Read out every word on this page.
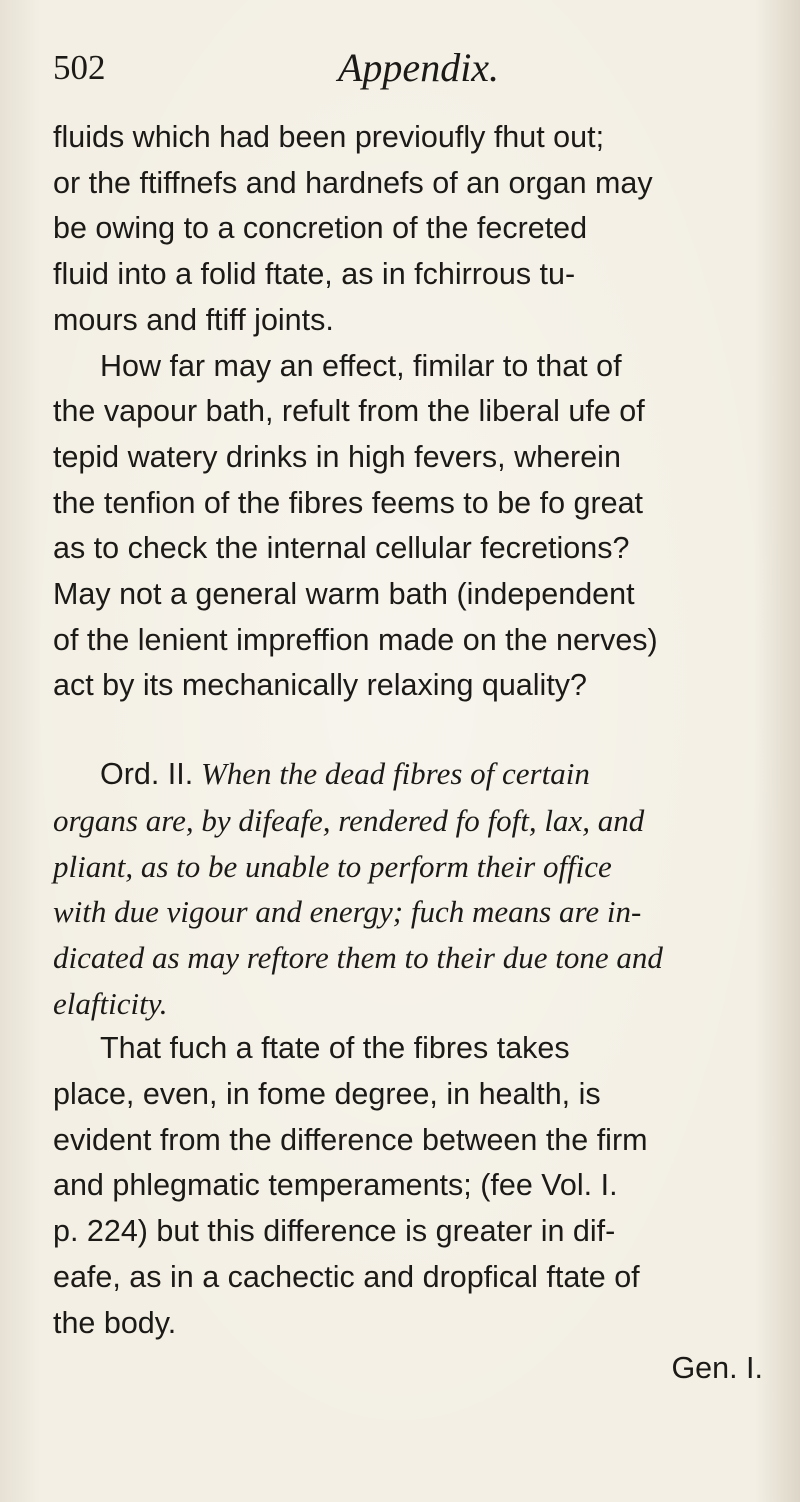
502	Appendix.
fluids which had been previoufly fhut out;
or the ftiffnefs and hardnefs of an organ may
be owing to a concretion of the fecreted
fluid into a folid ftate, as in fchirrous tu-
mours and ftiff joints.
How far may an effect, fimilar to that of
the vapour bath, refult from the liberal ufe of
tepid watery drinks in high fevers, wherein
the tenfion of the fibres feems to be fo great
as to check the internal cellular fecretions?
May not a general warm bath (independent
of the lenient impreffion made on the nerves)
act by its mechanically relaxing quality?
Ord. II. When the dead fibres of certain
organs are, by difeafe, rendered fo foft, lax, and
pliant, as to be unable to perform their office
with due vigour and energy; fuch means are in-
dicated as may reftore them to their due tone and
elafticity.
That fuch a ftate of the fibres takes
place, even, in fome degree, in health, is
evident from the difference between the firm
and phlegmatic temperaments; (fee Vol. I.
p. 224) but this difference is greater in dif-
eafe, as in a cachectic and dropfical ftate of
the body.
Gen. I.
